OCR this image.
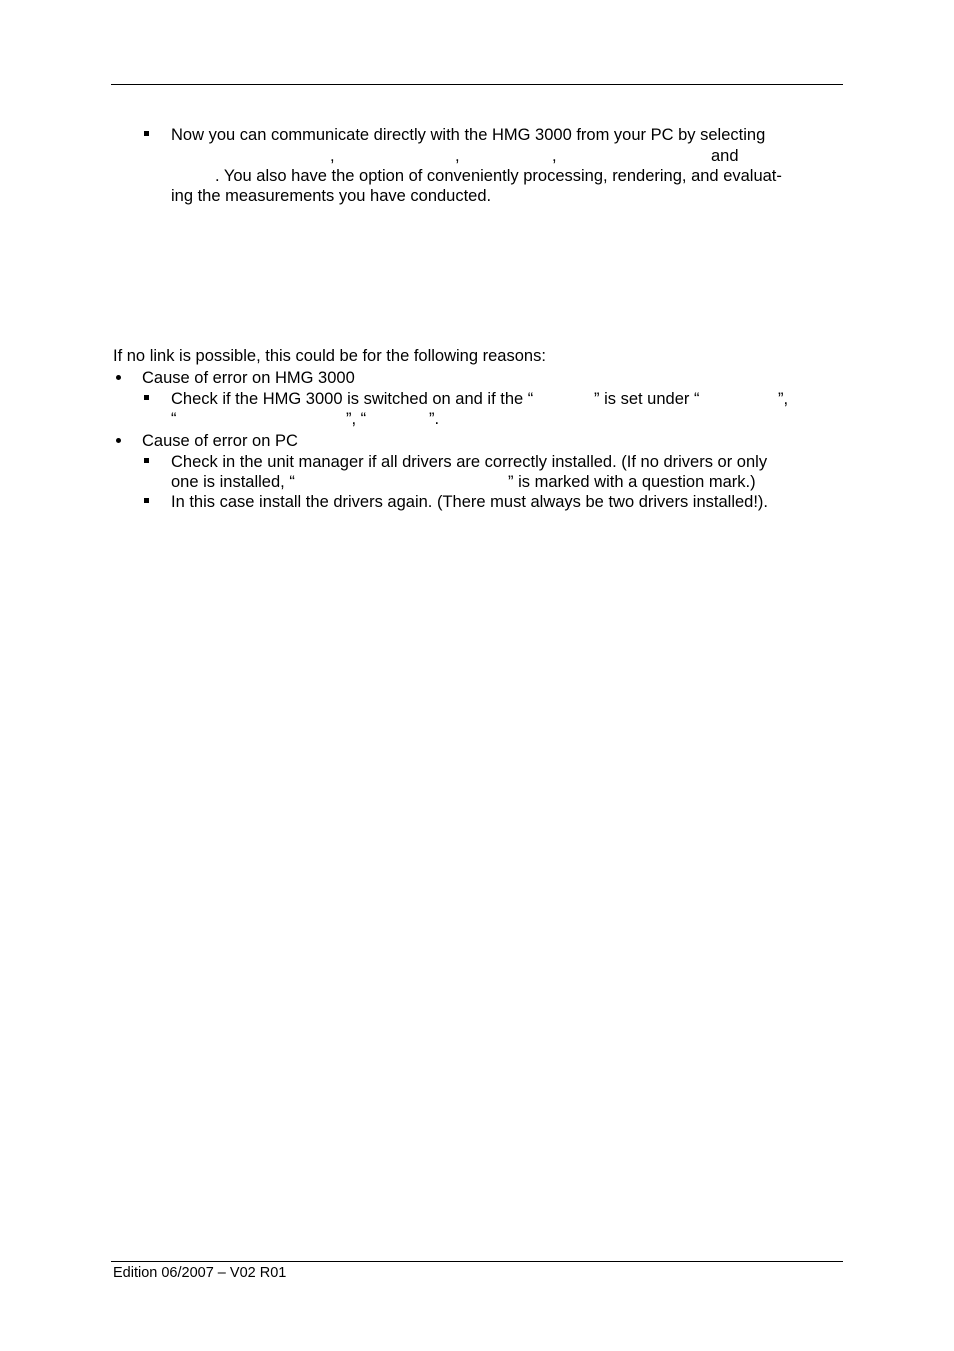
Now you can communicate directly with the HMG 3000 from your PC by selecting
,	,	,	and
. You also have the option of conveniently processing, rendering, and evaluat-
ing the measurements you have conducted.
If no link is possible, this could be for the following reasons:
Cause of error on HMG 3000
Check if the HMG 3000 is switched on and if the “	” is set under “	”,
“	”, “	”.
Cause of error on PC
Check in the unit manager if all drivers are correctly installed. (If no drivers or only
one is installed, “	” is marked with a question mark.)
In this case install the drivers again. (There must always be two drivers installed!).
Edition 06/2007 – V02 R01
